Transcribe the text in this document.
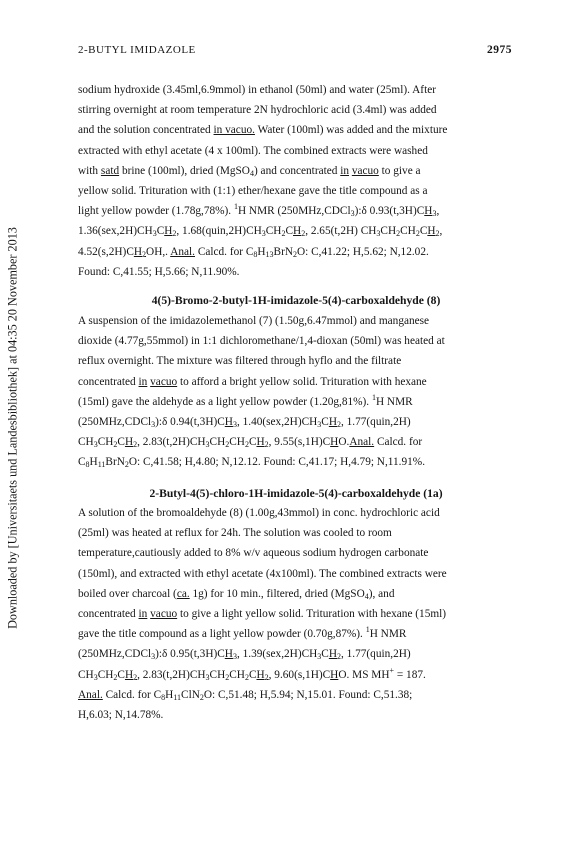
Downloaded by [Universitaets und Landesbibliothek] at 04:35 20 November 2013
2-BUTYL IMIDAZOLE	2975
sodium hydroxide (3.45ml,6.9mmol) in ethanol (50ml) and water (25ml). After
stirring overnight at room temperature 2N hydrochloric acid (3.4ml) was added
and the solution concentrated in vacuo. Water (100ml) was added and the mixture
extracted with ethyl acetate (4 x 100ml). The combined extracts were washed
with satd brine (100ml), dried (MgSO$_4$) and concentrated in vacuo to give a
yellow solid. Trituration with (1:1) ether/hexane gave the title compound as a
light yellow powder (1.78g,78%). $^1$H NMR (250MHz,CDCl$_3$):δ $0.93(t,3H)CH_3$,
$1.36(sex,2H)CH_3CH_2$, $1.68(quin,2H)CH_3CH_2CH_2$, 2.65(t,2H) $CH_3CH_2CH_2CH_2$,
$4.52(s,2H)CH_2OH$,. Anal. Calcd. for $C_8H_{13}BrN_2O$: C,41.22; H,5.62; N,12.02.
Found: C,41.55; H,5.66; N,11.90%.
4(5)-Bromo-2-butyl-1H-imidazole-5(4)-carboxaldehyde (8)
A suspension of the imidazolemethanol (7) (1.50g,6.47mmol) and manganese
dioxide (4.77g,55mmol) in 1:1 dichloromethane/1,4-dioxan (50ml) was heated at
reflux overnight. The mixture was filtered through hyflo and the filtrate
concentrated in vacuo to afford a bright yellow solid. Trituration with hexane
(15ml) gave the aldehyde as a light yellow powder (1.20g,81%). $^1$H NMR
(250MHz,CDCl$_3$):δ $0.94(t,3H)CH_3$, $1.40(sex,2H)CH_3CH_2$, 1.77(quin,2H)
$CH_3CH_2CH_2$, $2.83(t,2H)CH_3CH_2CH_2CH_2$, 9.55(s,1H)CHO.Anal. Calcd. for
$C_8H_{11}BrN_2O$: C,41.58; H,4.80; N,12.12. Found: C,41.17; H,4.79; N,11.91%.
2-Butyl-4(5)-chloro-1H-imidazole-5(4)-carboxaldehyde (1a)
A solution of the bromoaldehyde (8) (1.00g,43mmol) in conc. hydrochloric acid
(25ml) was heated at reflux for 24h. The solution was cooled to room
temperature,cautiously added to 8% w/v aqueous sodium hydrogen carbonate
(150ml), and extracted with ethyl acetate (4x100ml). The combined extracts were
boiled over charcoal (ca. 1g) for 10 min., filtered, dried (MgSO$_4$), and
concentrated in vacuo to give a light yellow solid. Trituration with hexane (15ml)
gave the title compound as a light yellow powder (0.70g,87%). $^1$H NMR
(250MHz,CDCl$_3$):δ $0.95(t,3H)CH_3$, $1.39(sex,2H)CH_3CH_2$, 1.77(quin,2H)
$CH_3CH_2CH_2$, $2.83(t,2H)CH_3CH_2CH_2CH_2$, 9.60(s,1H)CHO. MS MH+ = 187.
Anal. Calcd. for $C_8H_{11}ClN_2O$: C,51.48; H,5.94; N,15.01. Found: C,51.38;
H,6.03; N,14.78%.
